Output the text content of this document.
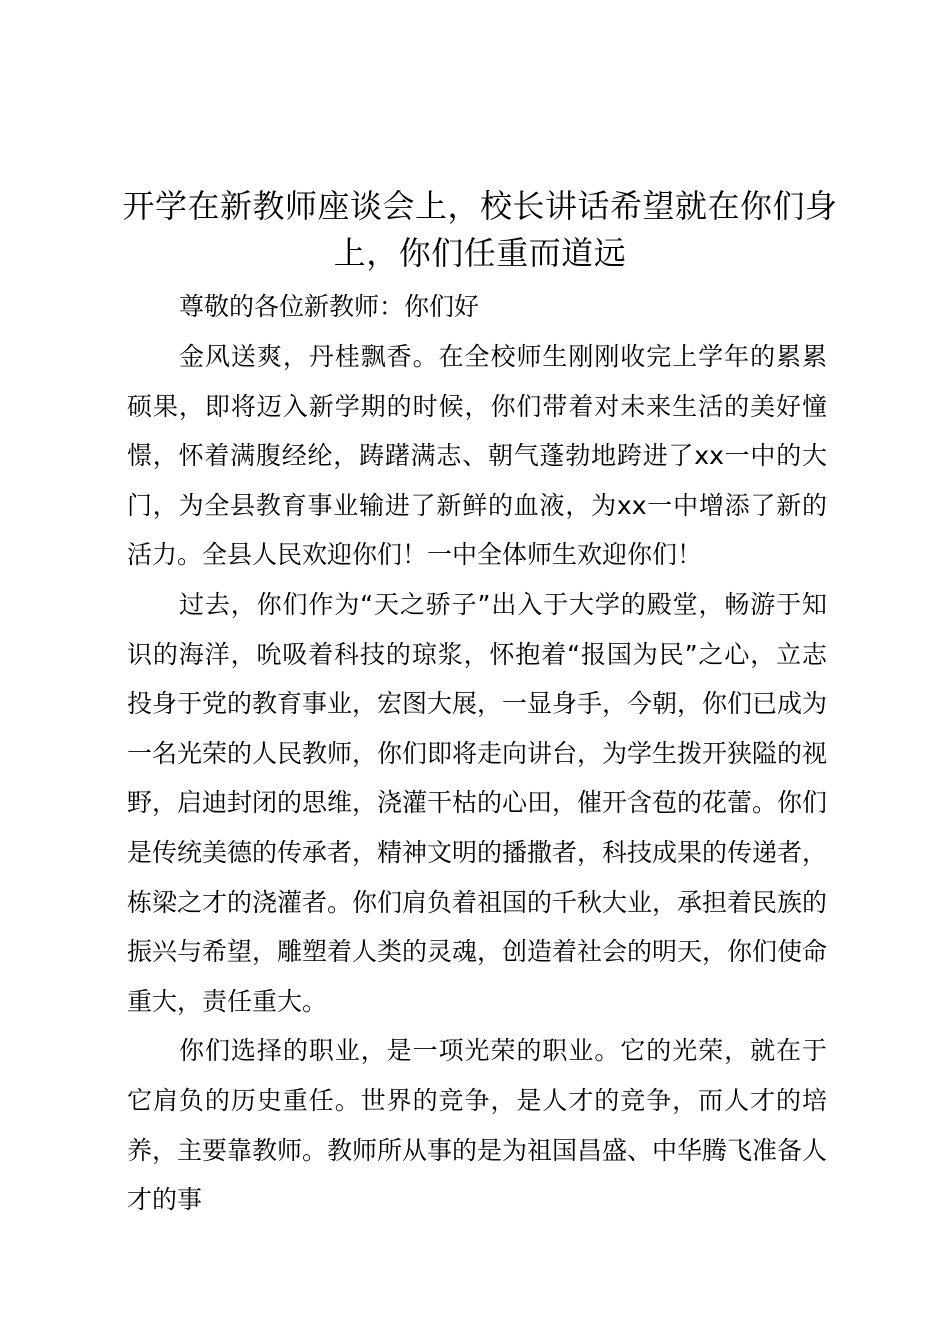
开学在新教师座谈会上，校长讲话希望就在你们身上，你们任重而道远

尊敬的各位新教师：你们好

金风送爽，丹桂飘香。在全校师生刚刚收完上学年的累累硕果，即将迈入新学期的时候，你们带着对未来生活的美好憧憬，怀着满腹经纶，踌躇满志、朝气蓬勃地跨进了xx一中的大门，为全县教育事业输进了新鲜的血液，为xx一中增添了新的活力。全县人民欢迎你们！一中全体师生欢迎你们！

过去，你们作为“天之骄子”出入于大学的殿堂，畅游于知识的海洋，吮吸着科技的琼浆，怀抱着“报国为民”之心，立志投身于党的教育事业，宏图大展，一显身手，今朝，你们已成为一名光荣的人民教师，你们即将走向讲台，为学生拨开狭隘的视野，启迪封闭的思维，浇灌干枯的心田，催开含苞的花蕾。你们是传统美德的传承者，精神文明的播撒者，科技成果的传递者，栋梁之才的浇灌者。你们肩负着祖国的千秋大业，承担着民族的振兴与希望，雕塑着人类的灵魂，创造着社会的明天，你们使命重大，责任重大。

你们选择的职业，是一项光荣的职业。它的光荣，就在于它肩负的历史重任。世界的竞争，是人才的竞争，而人才的培养，主要靠教师。教师所从事的是为祖国昌盛、中华腾飞准备人才的事
